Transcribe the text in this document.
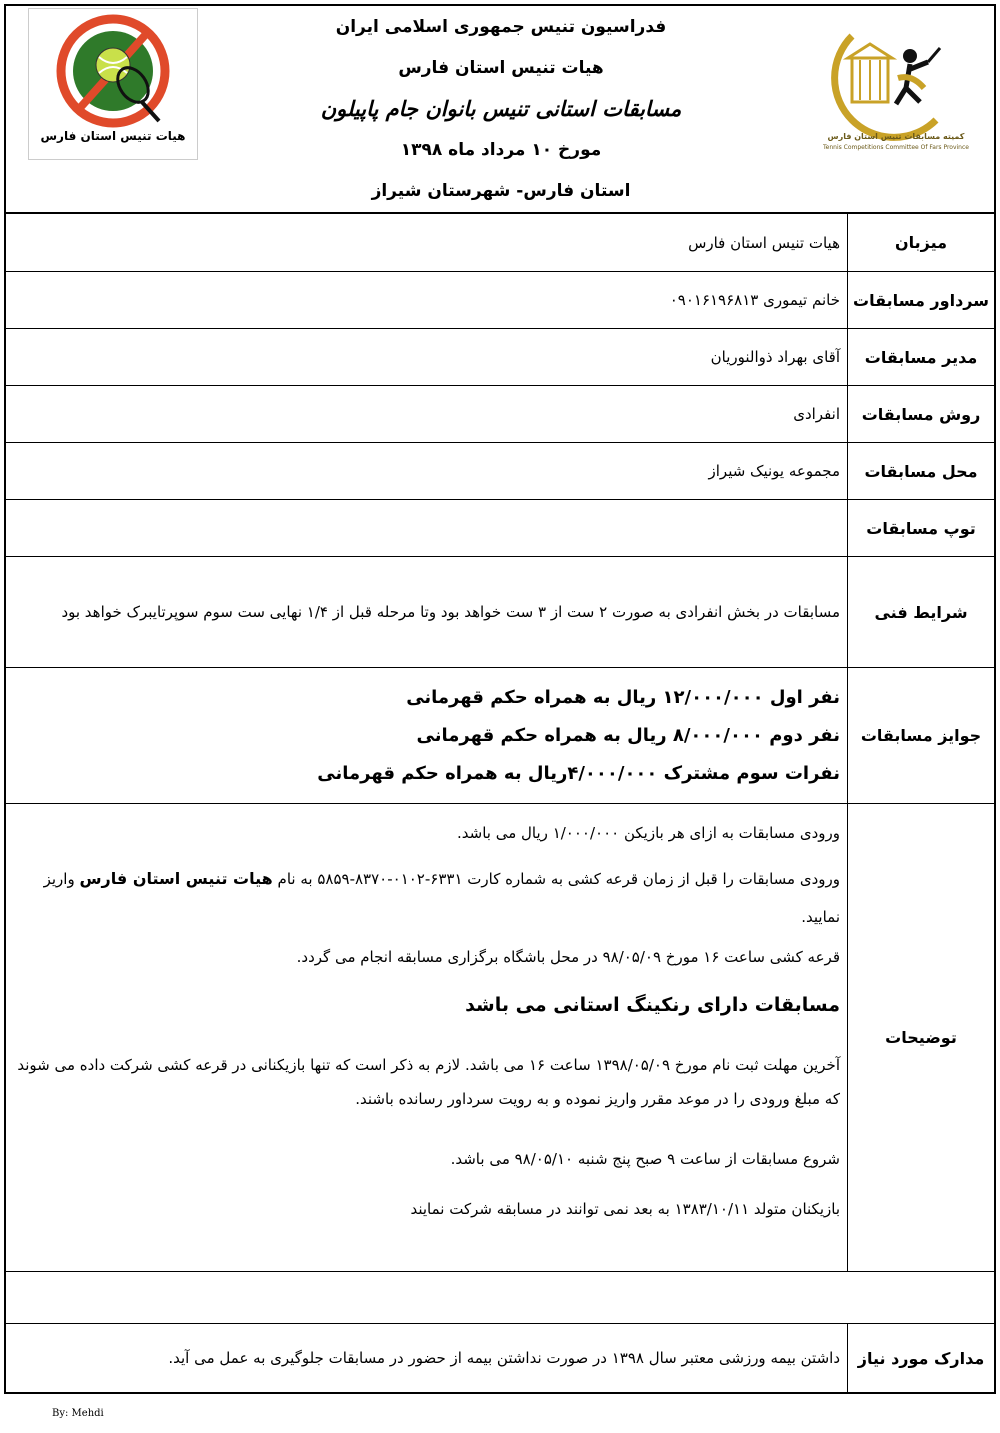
هیات تنیس استان فارس
فدراسیون تنیس جمهوری اسلامی ایران
هیات تنیس استان فارس
مسابقات استانی تنیس بانوان جام پاپیلون
مورخ ۱۰ مرداد ماه ۱۳۹۸
استان فارس- شهرستان شیراز
کمیته مسابقات تنیس استان فارس
Tennis Competitions Committee Of Fars Province
میزبان
هیات تنیس استان فارس
سرداور مسابقات
خانم تیموری ۰۹۰۱۶۱۹۶۸۱۳
مدیر مسابقات
آقای بهراد ذوالنوریان
روش مسابقات
انفرادی
محل مسابقات
مجموعه یونیک شیراز
توپ مسابقات
شرایط فنی
مسابقات در بخش انفرادی به صورت ۲ ست از ۳ ست خواهد بود وتا مرحله قبل از ۱/۴ نهایی ست سوم سوپرتایبرک خواهد بود
جوایز مسابقات
نفر اول ۱۲/۰۰۰/۰۰۰ ریال به همراه حکم قهرمانی
نفر دوم ۸/۰۰۰/۰۰۰ ریال به همراه حکم قهرمانی
نفرات سوم مشترک ۴/۰۰۰/۰۰۰ریال به همراه حکم قهرمانی
توضیحات
ورودی مسابقات به ازای هر بازیکن ۱/۰۰۰/۰۰۰ ریال می باشد.
ورودی مسابقات را قبل از زمان قرعه کشی به شماره کارت ۶۳۳۱-۰۱۰۲-۸۳۷۰-۵۸۵۹ به نام هیات تنیس استان فارس واریز نمایید.
قرعه کشی ساعت ۱۶ مورخ ۹۸/۰۵/۰۹ در محل باشگاه برگزاری مسابقه انجام می گردد.
مسابقات دارای رنکینگ استانی می باشد
آخرین مهلت ثبت نام مورخ ۱۳۹۸/۰۵/۰۹ ساعت ۱۶ می باشد. لازم به ذکر است که تنها بازیکنانی در قرعه کشی شرکت داده می شوند که مبلغ ورودی را در موعد مقرر واریز نموده و به رویت سرداور رسانده باشند.
شروع مسابقات از ساعت ۹ صبح پنج شنبه ۹۸/۰۵/۱۰ می باشد.
بازیکنان متولد ۱۳۸۳/۱۰/۱۱ به بعد نمی توانند در مسابقه شرکت نمایند
مدارک مورد نیاز
داشتن بیمه ورزشی معتبر سال ۱۳۹۸ در صورت نداشتن بیمه از حضور در مسابقات جلوگیری به عمل می آید.
By: Mehdi
